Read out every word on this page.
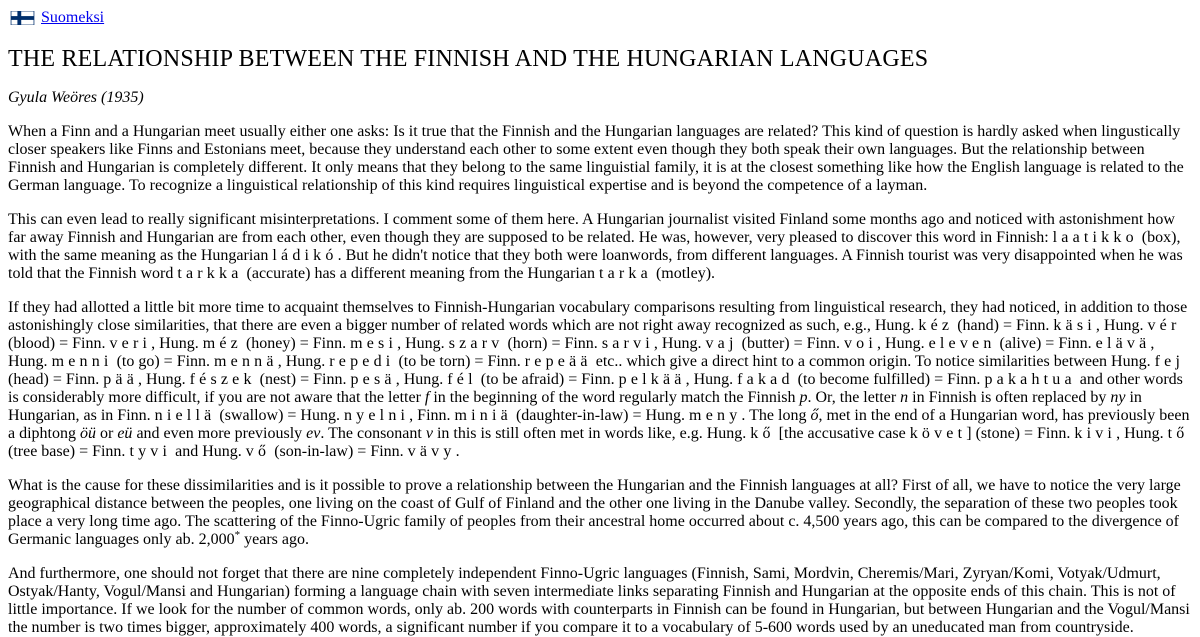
Suomeksi
THE RELATIONSHIP BETWEEN THE FINNISH AND THE HUNGARIAN LANGUAGES

Gyula Weöres (1935)

When a Finn and a Hungarian meet usually either one asks: Is it true that the Finnish and the Hungarian languages are related? This kind of question is hardly asked when lingustically closer speakers like Finns and Estonians meet, because they understand each other to some extent even though they both speak their own languages. But the relationship between Finnish and Hungarian is completely different. It only means that they belong to the same linguistial family, it is at the closest something like how the English language is related to the German language. To recognize a linguistical relationship of this kind requires linguistical expertise and is beyond the competence of a layman.

This can even lead to really significant misinterpretations. I comment some of them here. A Hungarian journalist visited Finland some months ago and noticed with astonishment how far away Finnish and Hungarian are from each other, even though they are supposed to be related. He was, however, very pleased to discover this word in Finnish: laatikko (box), with the same meaning as the Hungarian ládikó. But he didn't notice that they both were loanwords, from different languages. A Finnish tourist was very disappointed when he was told that the Finnish word tarkka (accurate) has a different meaning from the Hungarian tarka (motley).

If they had allotted a little bit more time to acquaint themselves to Finnish-Hungarian vocabulary comparisons resulting from linguistical research, they had noticed, in addition to those astonishingly close similarities, that there are even a bigger number of related words which are not right away recognized as such, e.g., Hung. kéz (hand) = Finn. käsi, Hung. vér (blood) = Finn. veri, Hung. méz (honey) = Finn. mesi, Hung. szarv (horn) = Finn. sarvi, Hung. vaj (butter) = Finn. voi, Hung. eleven (alive) = Finn. elävä, Hung. menni (to go) = Finn. mennä, Hung. repedi (to be torn) = Finn. repeää etc.. which give a direct hint to a common origin. To notice similarities between Hung. fej (head) = Finn. pää, Hung. fészek (nest) = Finn. pesä, Hung. fél (to be afraid) = Finn. pelkää, Hung. fakad (to become fulfilled) = Finn. pakahtua and other words is considerably more difficult, if you are not aware that the letter f in the beginning of the word regularly match the Finnish p. Or, the letter n in Finnish is often replaced by ny in Hungarian, as in Finn. niellä (swallow) = Hung. nyelni, Finn. miniä (daughter-in-law) = Hung. meny. The long ő, met in the end of a Hungarian word, has previously been a diphtong öü or eü and even more previously ev. The consonant v in this is still often met in words like, e.g. Hung. kő [the accusative case követ] (stone) = Finn. kivi, Hung. tő (tree base) = Finn. tyvi and Hung. vő (son-in-law) = Finn. vävy.

What is the cause for these dissimilarities and is it possible to prove a relationship between the Hungarian and the Finnish languages at all? First of all, we have to notice the very large geographical distance between the peoples, one living on the coast of Gulf of Finland and the other one living in the Danube valley. Secondly, the separation of these two peoples took place a very long time ago. The scattering of the Finno-Ugric family of peoples from their ancestral home occurred about c. 4,500 years ago, this can be compared to the divergence of Germanic languages only ab. 2,000* years ago.

And furthermore, one should not forget that there are nine completely independent Finno-Ugric languages (Finnish, Sami, Mordvin, Cheremis/Mari, Zyryan/Komi, Votyak/Udmurt, Ostyak/Hanty, Vogul/Mansi and Hungarian) forming a language chain with seven intermediate links separating Finnish and Hungarian at the opposite ends of this chain. This is not of little importance. If we look for the number of common words, only ab. 200 words with counterparts in Finnish can be found in Hungarian, but between Hungarian and the Vogul/Mansi the number is two times bigger, approximately 400 words, a significant number if you compare it to a vocabulary of 5-600 words used by an uneducated man from countryside.
